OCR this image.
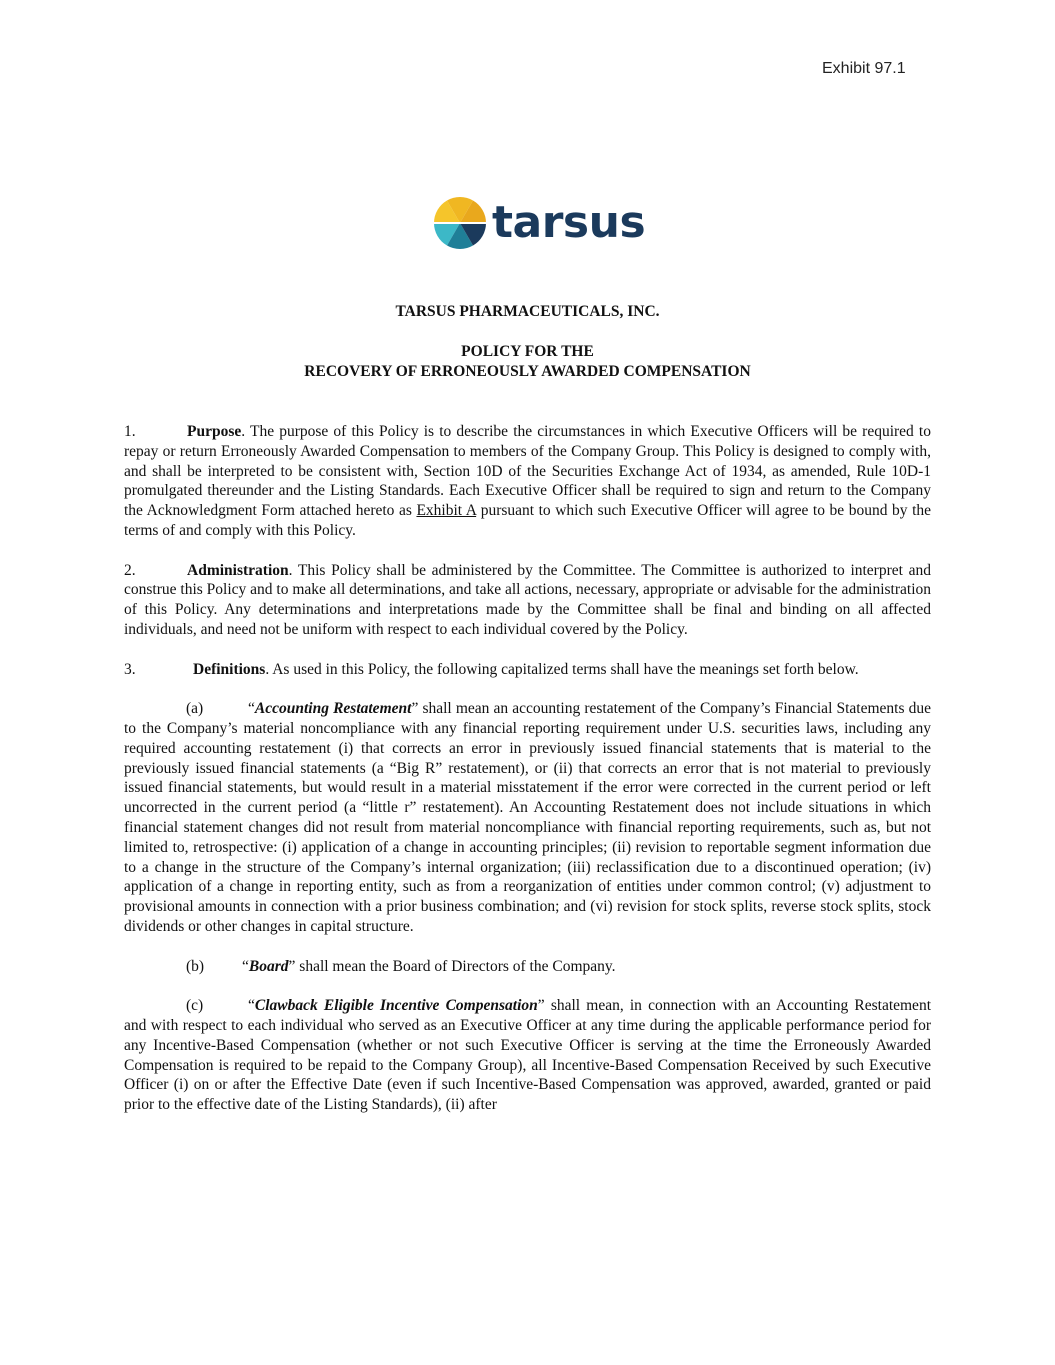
Exhibit 97.1
tarsus
TARSUS PHARMACEUTICALS, INC.
POLICY FOR THE
RECOVERY OF ERRONEOUSLY AWARDED COMPENSATION

1.	Purpose. The purpose of this Policy is to describe the circumstances in which Executive Officers will be required to repay or return Erroneously Awarded Compensation to members of the Company Group. This Policy is designed to comply with, and shall be interpreted to be consistent with, Section 10D of the Securities Exchange Act of 1934, as amended, Rule 10D-1 promulgated thereunder and the Listing Standards. Each Executive Officer shall be required to sign and return to the Company the Acknowledgment Form attached hereto as Exhibit A pursuant to which such Executive Officer will agree to be bound by the terms of and comply with this Policy.

2.	Administration. This Policy shall be administered by the Committee. The Committee is authorized to interpret and construe this Policy and to make all determinations, and take all actions, necessary, appropriate or advisable for the administration of this Policy. Any determinations and interpretations made by the Committee shall be final and binding on all affected individuals, and need not be uniform with respect to each individual covered by the Policy.

3.	Definitions. As used in this Policy, the following capitalized terms shall have the meanings set forth below.

(a)	“Accounting Restatement” shall mean an accounting restatement of the Company’s Financial Statements due to the Company’s material noncompliance with any financial reporting requirement under U.S. securities laws, including any required accounting restatement (i) that corrects an error in previously issued financial statements that is material to the previously issued financial statements (a “Big R” restatement), or (ii) that corrects an error that is not material to previously issued financial statements, but would result in a material misstatement if the error were corrected in the current period or left uncorrected in the current period (a “little r” restatement). An Accounting Restatement does not include situations in which financial statement changes did not result from material noncompliance with financial reporting requirements, such as, but not limited to, retrospective: (i) application of a change in accounting principles; (ii) revision to reportable segment information due to a change in the structure of the Company’s internal organization; (iii) reclassification due to a discontinued operation; (iv) application of a change in reporting entity, such as from a reorganization of entities under common control; (v) adjustment to provisional amounts in connection with a prior business combination; and (vi) revision for stock splits, reverse stock splits, stock dividends or other changes in capital structure.

(b) “Board” shall mean the Board of Directors of the Company.

(c)	“Clawback Eligible Incentive Compensation” shall mean, in connection with an Accounting Restatement and with respect to each individual who served as an Executive Officer at any time during the applicable performance period for any Incentive-Based Compensation (whether or not such Executive Officer is serving at the time the Erroneously Awarded Compensation is required to be repaid to the Company Group), all Incentive-Based Compensation Received by such Executive Officer (i) on or after the Effective Date (even if such Incentive-Based Compensation was approved, awarded, granted or paid prior to the effective date of the Listing Standards), (ii) after
